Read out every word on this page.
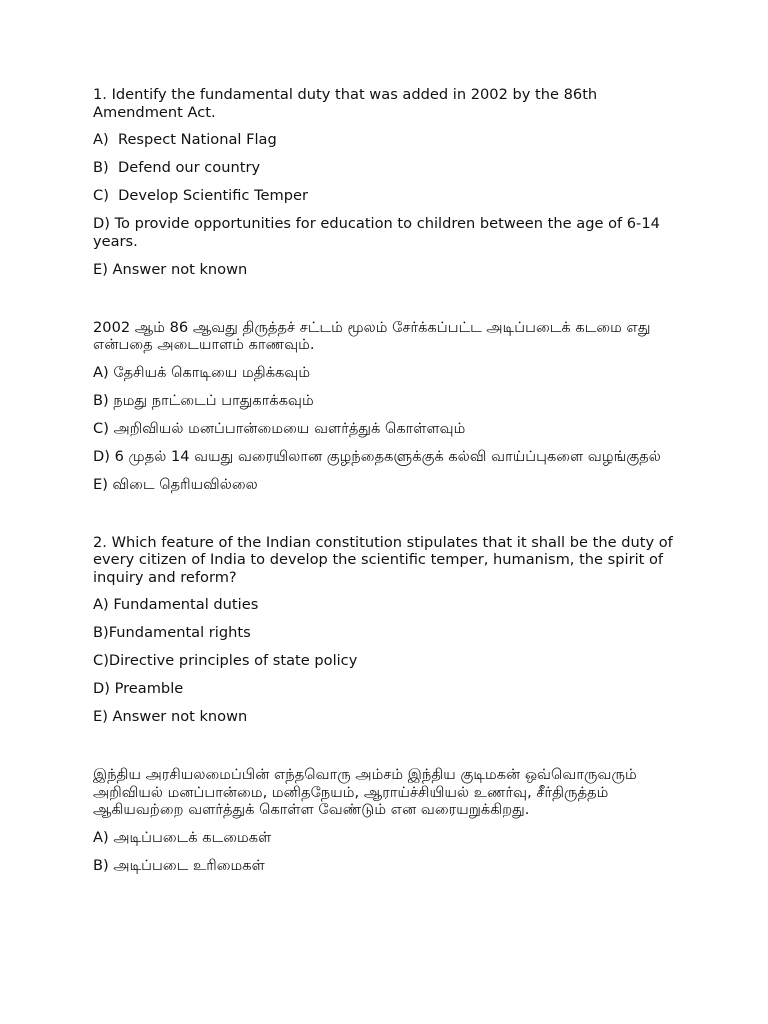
1. Identify the fundamental duty that was added in 2002 by the 86th Amendment Act.

A)  Respect National Flag

B)  Defend our country

C)  Develop Scientific Temper

D) To provide opportunities for education to children between the age of 6-14 years.

E) Answer not known

2002 ஆம் 86 ஆவது திருத்தச் சட்டம் மூலம் சேர்க்கப்பட்ட அடிப்படைக் கடமை எது என்பதை அடையாளம் காணவும்.

A) தேசியக் கொடியை மதிக்கவும்

B) நமது நாட்டைப் பாதுகாக்கவும்

C) அறிவியல் மனப்பான்மையை வளர்த்துக் கொள்ளவும்

D) 6 முதல் 14 வயது வரையிலான குழந்தைகளுக்குக் கல்வி வாய்ப்புகளை வழங்குதல்

E) விடை தெரியவில்லை

2. Which feature of the Indian constitution stipulates that it shall be the duty of every citizen of India to develop the scientific temper, humanism, the spirit of inquiry and reform?

A) Fundamental duties

B)Fundamental rights

C)Directive principles of state policy

D) Preamble

E) Answer not known

இந்திய அரசியலமைப்பின் எந்தவொரு அம்சம் இந்திய குடிமகன் ஒவ்வொருவரும் அறிவியல் மனப்பான்மை, மனிதநேயம், ஆராய்ச்சியியல் உணர்வு, சீர்திருத்தம் ஆகியவற்றை வளர்த்துக் கொள்ள வேண்டும் என வரையறுக்கிறது.

A) அடிப்படைக் கடமைகள்

B) அடிப்படை உரிமைகள்
